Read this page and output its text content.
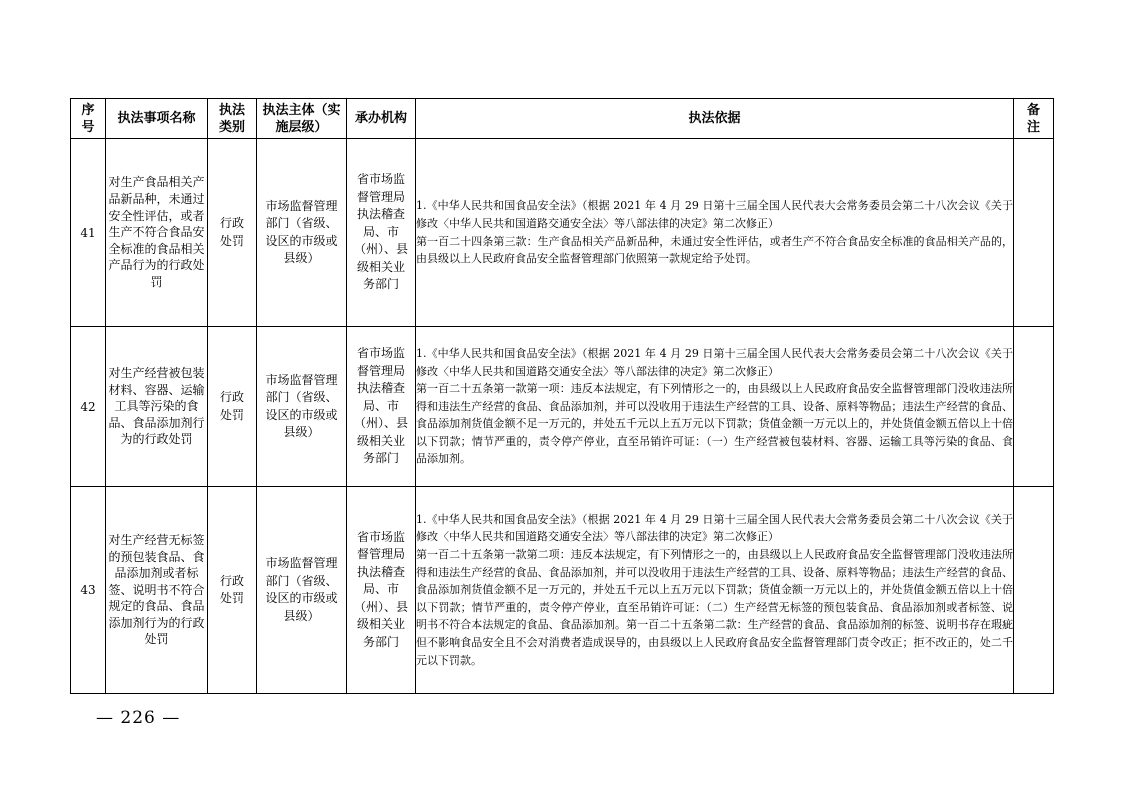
序号	执法事项名称	执法类别	执法主体（实施层级）	承办机构	执法依据	备注
41	对生产食品相关产品新品种，未通过安全性评估，或者生产不符合食品安全标准的食品相关产品行为的行政处罚	行政处罚	市场监督管理部门（省级、设区的市级或县级）	省市场监督管理局执法稽查局、市（州）、县级相关业务部门	1.《中华人民共和国食品安全法》（根据 2021 年 4 月 29 日第十三届全国人民代表大会常务委员会第二十八次会议《关于修改〈中华人民共和国道路交通安全法〉等八部法律的决定》第二次修正）

第一百二十四条第三款：生产食品相关产品新品种，未通过安全性评估，或者生产不符合食品安全标准的食品相关产品的，由县级以上人民政府食品安全监督管理部门依照第一款规定给予处罚。	

42	对生产经营被包装材料、容器、运输工具等污染的食品、食品添加剂行为的行政处罚	行政处罚	市场监督管理部门（省级、设区的市级或县级）	省市场监督管理局执法稽查局、市（州）、县级相关业务部门	1.《中华人民共和国食品安全法》（根据 2021 年 4 月 29 日第十三届全国人民代表大会常务委员会第二十八次会议《关于修改〈中华人民共和国道路交通安全法〉等八部法律的决定》第二次修正）

第一百二十五条第一款第一项：违反本法规定，有下列情形之一的，由县级以上人民政府食品安全监督管理部门没收违法所得和违法生产经营的食品、食品添加剂，并可以没收用于违法生产经营的工具、设备、原料等物品；违法生产经营的食品、食品添加剂货值金额不足一万元的，并处五千元以上五万元以下罚款；货值金额一万元以上的，并处货值金额五倍以上十倍以下罚款；情节严重的，责令停产停业，直至吊销许可证：（一）生产经营被包装材料、容器、运输工具等污染的食品、食品添加剂。	

43	对生产经营无标签的预包装食品、食品添加剂或者标签、说明书不符合规定的食品、食品添加剂行为的行政处罚	行政处罚	市场监督管理部门（省级、设区的市级或县级）	省市场监督管理局执法稽查局、市（州）、县级相关业务部门	1.《中华人民共和国食品安全法》（根据 2021 年 4 月 29 日第十三届全国人民代表大会常务委员会第二十八次会议《关于修改〈中华人民共和国道路交通安全法〉等八部法律的决定》第二次修正）

第一百二十五条第一款第二项：违反本法规定，有下列情形之一的，由县级以上人民政府食品安全监督管理部门没收违法所得和违法生产经营的食品、食品添加剂，并可以没收用于违法生产经营的工具、设备、原料等物品；违法生产经营的食品、食品添加剂货值金额不足一万元的，并处五千元以上五万元以下罚款；货值金额一万元以上的，并处货值金额五倍以上十倍以下罚款；情节严重的，责令停产停业，直至吊销许可证：（二）生产经营无标签的预包装食品、食品添加剂或者标签、说明书不符合本法规定的食品、食品添加剂。第一百二十五条第二款：生产经营的食品、食品添加剂的标签、说明书存在瑕疵但不影响食品安全且不会对消费者造成误导的，由县级以上人民政府食品安全监督管理部门责令改正；拒不改正的，处二千元以下罚款。	

— 226 —
